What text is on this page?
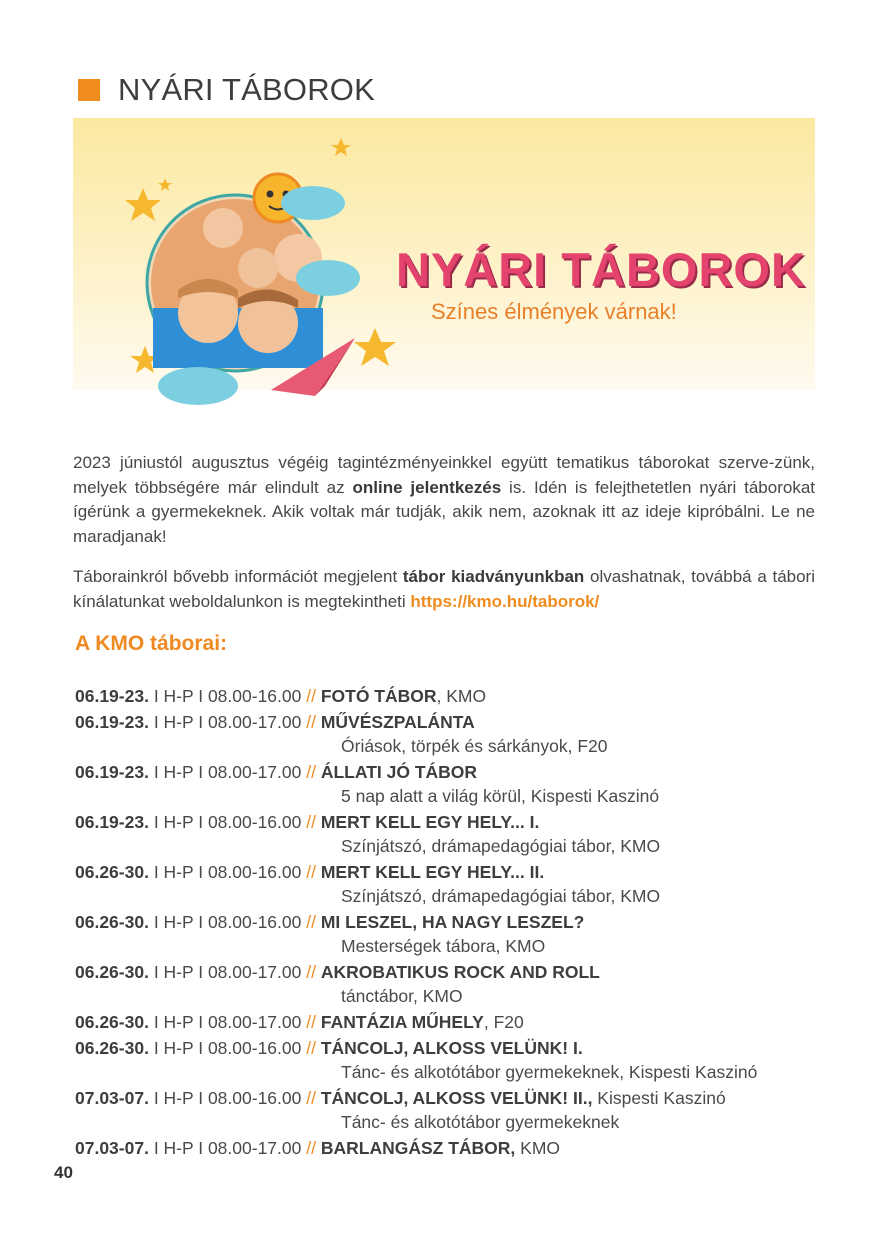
NYÁRI TÁBOROK
NYÁRI TÁBOROK
Színes élmények várnak!
2023 júniustól augusztus végéig tagintézményeinkkel együtt tematikus táborokat szerve-zünk, melyek többségére már elindult az online jelentkezés is. Idén is felejthetetlen nyári táborokat ígérünk a gyermekeknek. Akik voltak már tudják, akik nem, azoknak itt az ideje kipróbálni. Le ne maradjanak!
Táborainkról bővebb információt megjelent tábor kiadványunkban olvashatnak, továbbá a tábori kínálatunkat weboldalunkon is megtekintheti https://kmo.hu/taborok/
A KMO táborai:
06.19-23. I H-P I 08.00-16.00 // FOTÓ TÁBOR, KMO
06.19-23. I H-P I 08.00-17.00 // MŰVÉSZPALÁNTA
Óriások, törpék és sárkányok, F20
06.19-23. I H-P I 08.00-17.00 // ÁLLATI JÓ TÁBOR
5 nap alatt a világ körül, Kispesti Kaszinó
06.19-23. I H-P I 08.00-16.00 // MERT KELL EGY HELY... I.
Színjátszó, drámapedagógiai tábor, KMO
06.26-30. I H-P I 08.00-16.00 // MERT KELL EGY HELY... II.
Színjátszó, drámapedagógiai tábor, KMO
06.26-30. I H-P I 08.00-16.00 // MI LESZEL, HA NAGY LESZEL?
Mesterségek tábora, KMO
06.26-30. I H-P I 08.00-17.00 // AKROBATIKUS ROCK AND ROLL
tánctábor, KMO
06.26-30. I H-P I 08.00-17.00 // FANTÁZIA MŰHELY, F20
06.26-30. I H-P I 08.00-16.00 // TÁNCOLJ, ALKOSS VELÜNK! I.
Tánc- és alkotótábor gyermekeknek, Kispesti Kaszinó
07.03-07. I H-P I 08.00-16.00 // TÁNCOLJ, ALKOSS VELÜNK! II., Kispesti Kaszinó
Tánc- és alkotótábor gyermekeknek
07.03-07. I H-P I 08.00-17.00 // BARLANGÁSZ TÁBOR, KMO
40
